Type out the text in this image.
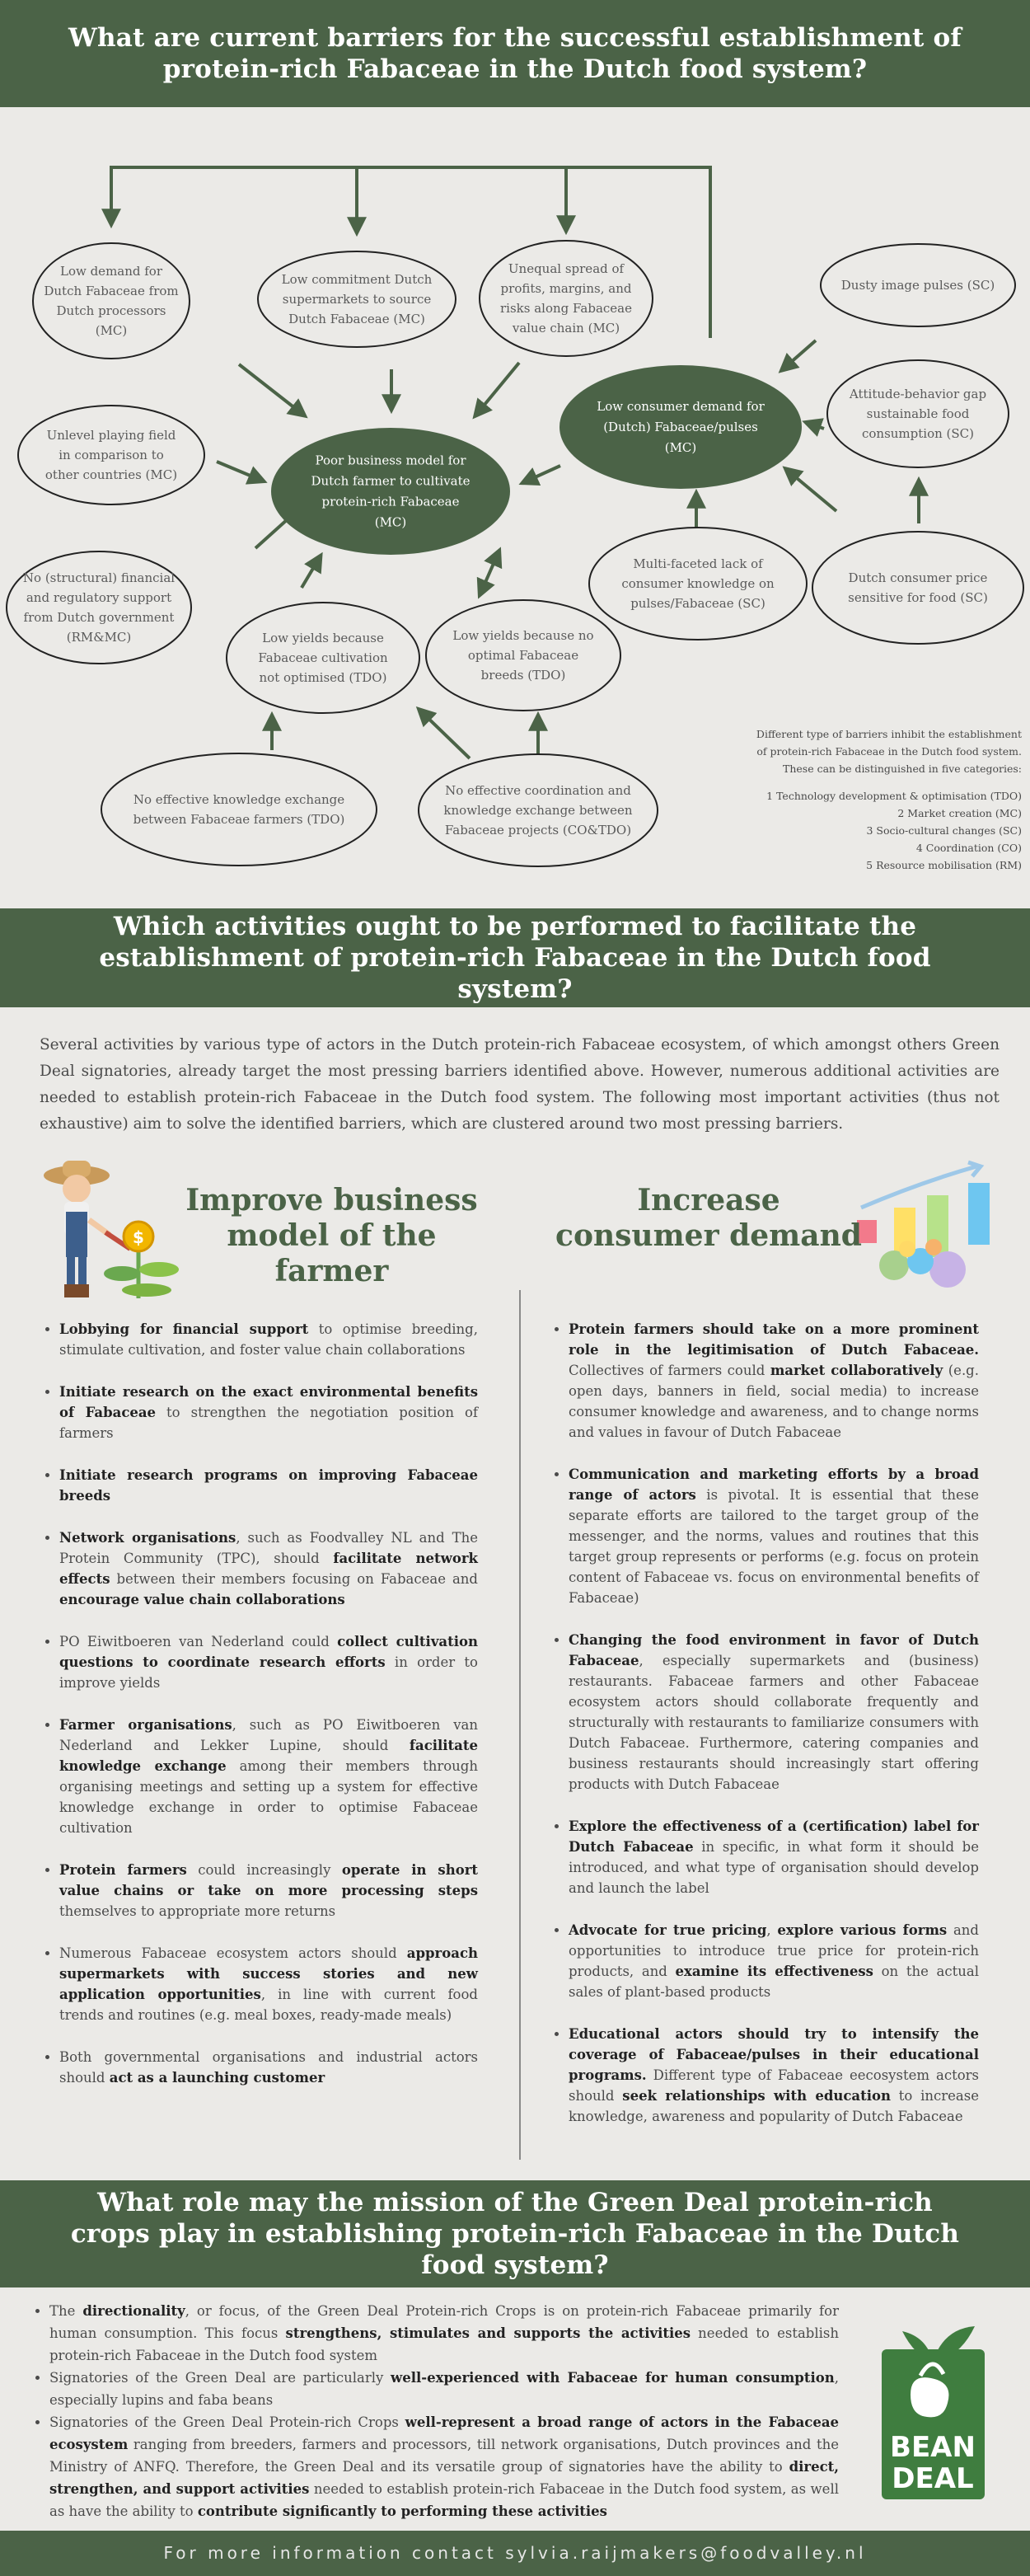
What are current barriers for the successful establishment of protein-rich Fabaceae in the Dutch food system?
Poor business model for Dutch farmer to cultivate protein-rich Fabaceae (MC)
Low consumer demand for (Dutch) Fabaceae/pulses (MC)
Low demand for Dutch Fabaceae from Dutch processors (MC)
Low commitment Dutch supermarkets to source Dutch Fabaceae (MC)
Unequal spread of profits, margins, and risks along Fabaceae value chain (MC)
Dusty image pulses (SC)
Unlevel playing field in comparison to other countries (MC)
Attitude-behavior gap sustainable food consumption (SC)
No (structural) financial and regulatory support from Dutch government (RM&MC)
Multi-faceted lack of consumer knowledge on pulses/Fabaceae (SC)
Dutch consumer price sensitive for food (SC)
Low yields because Fabaceae cultivation not optimised (TDO)
Low yields because no optimal Fabaceae breeds (TDO)
No effective knowledge exchange between Fabaceae farmers (TDO)
No effective coordination and knowledge exchange between Fabaceae projects (CO&TDO)
Different type of barriers inhibit the establishment
of protein-rich Fabaceae in the Dutch food system.
These can be distinguished in five categories:
1 Technology development & optimisation (TDO)
2 Market creation (MC)
3 Socio-cultural changes (SC)
4 Coordination (CO)
5 Resource mobilisation (RM)
Which activities ought to be performed to facilitate the establishment of protein-rich Fabaceae in the Dutch food system?

Several activities by various type of actors in the Dutch protein-rich Fabaceae ecosystem, of which amongst others Green Deal signatories, already target the most pressing barriers identified above. However, numerous additional activities are needed to establish protein-rich Fabaceae in the Dutch food system. The following most important activities (thus not exhaustive) aim to solve the identified barriers, which are clustered around two most pressing barriers.

$
Improve business model of the farmer
Increase consumer demand
• Lobbying for financial support to optimise breeding, stimulate cultivation, and foster value chain collaborations
• Initiate research on the exact environmental benefits of Fabaceae to strengthen the negotiation position of farmers
• Initiate research programs on improving Fabaceae breeds
• Network organisations, such as Foodvalley NL and The Protein Community (TPC), should facilitate network effects between their members focusing on Fabaceae and encourage value chain collaborations
• PO Eiwitboeren van Nederland could collect cultivation questions to coordinate research efforts in order to improve yields
• Farmer organisations, such as PO Eiwitboeren van Nederland and Lekker Lupine, should facilitate knowledge exchange among their members through organising meetings and setting up a system for effective knowledge exchange in order to optimise Fabaceae cultivation
• Protein farmers could increasingly operate in short value chains or take on more processing steps themselves to appropriate more returns
• Numerous Fabaceae ecosystem actors should approach supermarkets with success stories and new application opportunities, in line with current food trends and routines (e.g. meal boxes, ready-made meals)
• Both governmental organisations and industrial actors should act as a launching customer
• Protein farmers should take on a more prominent role in the legitimisation of Dutch Fabaceae. Collectives of farmers could market collaboratively (e.g. open days, banners in field, social media) to increase consumer knowledge and awareness, and to change norms and values in favour of Dutch Fabaceae
• Communication and marketing efforts by a broad range of actors is pivotal. It is essential that these separate efforts are tailored to the target group of the messenger, and the norms, values and routines that this target group represents or performs (e.g. focus on protein content of Fabaceae vs. focus on environmental benefits of Fabaceae)
• Changing the food environment in favor of Dutch Fabaceae, especially supermarkets and (business) restaurants. Fabaceae farmers and other Fabaceae ecosystem actors should collaborate frequently and structurally with restaurants to familiarize consumers with Dutch Fabaceae. Furthermore, catering companies and business restaurants should increasingly start offering products with Dutch Fabaceae
• Explore the effectiveness of a (certification) label for Dutch Fabaceae in specific, in what form it should be introduced, and what type of organisation should develop and launch the label
• Advocate for true pricing, explore various forms and opportunities to introduce true price for protein-rich products, and examine its effectiveness on the actual sales of plant-based products
• Educational actors should try to intensify the coverage of Fabaceae/pulses in their educational programs. Different type of Fabaceae eecosystem actors should seek relationships with education to increase knowledge, awareness and popularity of Dutch Fabaceae
What role may the mission of the Green Deal protein-rich crops play in establishing protein-rich Fabaceae in the Dutch food system?
• The directionality, or focus, of the Green Deal Protein-rich Crops is on protein-rich Fabaceae primarily for human consumption. This focus strengthens, stimulates and supports the activities needed to establish protein-rich Fabaceae in the Dutch food system
• Signatories of the Green Deal are particularly well-experienced with Fabaceae for human consumption, especially lupins and faba beans
• Signatories of the Green Deal Protein-rich Crops well-represent a broad range of actors in the Fabaceae ecosystem ranging from breeders, farmers and processors, till network organisations, Dutch provinces and the Ministry of ANFQ. Therefore, the Green Deal and its versatile group of signatories have the ability to direct, strengthen, and support activities needed to establish protein-rich Fabaceae in the Dutch food system, as well as have the ability to contribute significantly to performing these activities
BEAN
DEAL
For more information contact sylvia.raijmakers@foodvalley.nl
